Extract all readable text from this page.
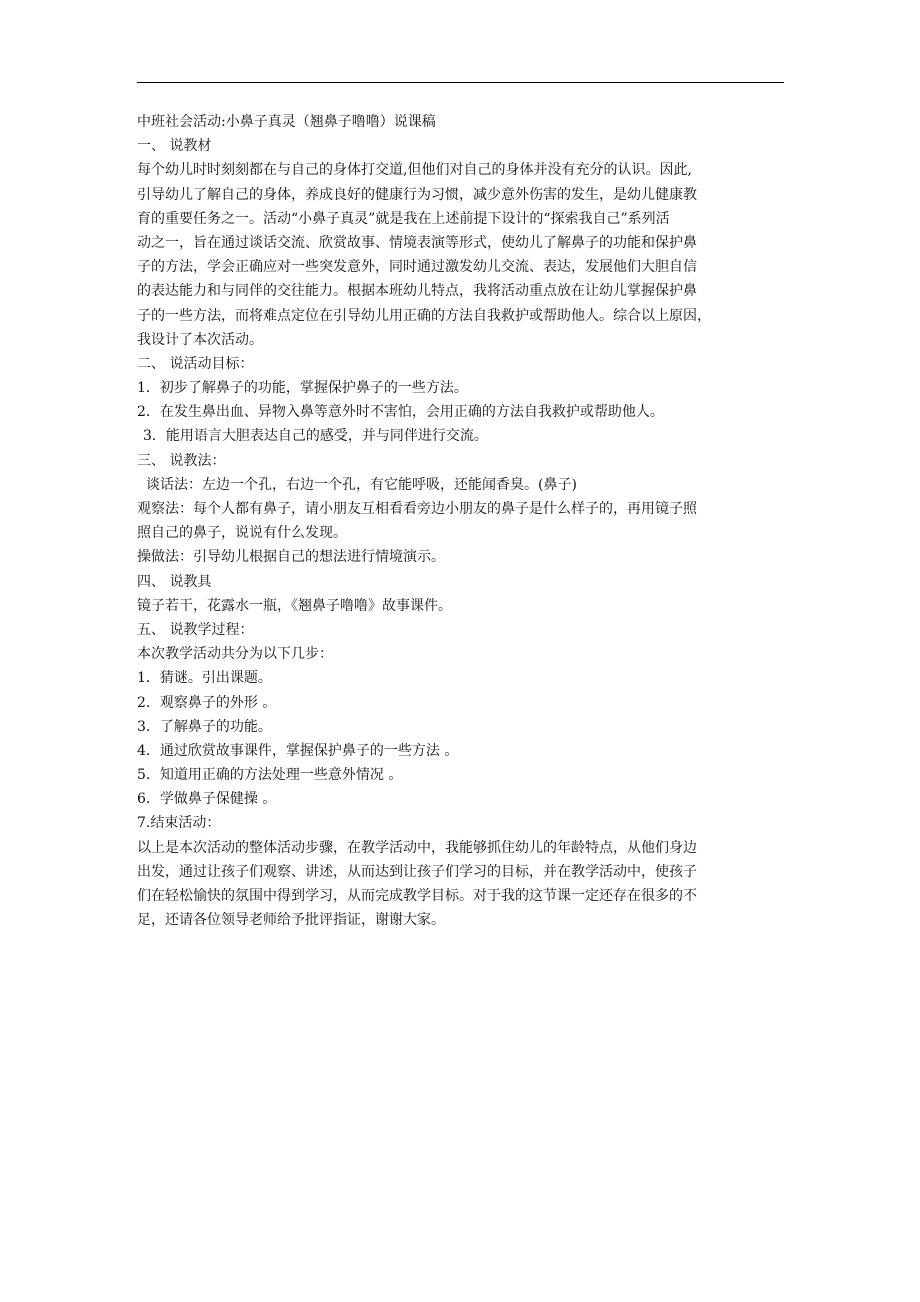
中班社会活动:小鼻子真灵（翘鼻子噜噜）说课稿
一、 说教材
每个幼儿时时刻刻都在与自己的身体打交道,但他们对自己的身体并没有充分的认识。因此,
引导幼儿了解自己的身体，养成良好的健康行为习惯，减少意外伤害的发生，是幼儿健康教
育的重要任务之一。活动“小鼻子真灵”就是我在上述前提下设计的“探索我自己”系列活
动之一，旨在通过谈话交流、欣赏故事、情境表演等形式，使幼儿了解鼻子的功能和保护鼻
子的方法，学会正确应对一些突发意外，同时通过激发幼儿交流、表达，发展他们大胆自信
的表达能力和与同伴的交往能力。根据本班幼儿特点，我将活动重点放在让幼儿掌握保护鼻
子的一些方法，而将难点定位在引导幼儿用正确的方法自我救护或帮助他人。综合以上原因，
我设计了本次活动。
二、 说活动目标：
1．初步了解鼻子的功能，掌握保护鼻子的一些方法。
2．在发生鼻出血、异物入鼻等意外时不害怕，会用正确的方法自我救护或帮助他人。
3．能用语言大胆表达自己的感受，并与同伴进行交流。
三、 说教法：
谈话法：左边一个孔，右边一个孔，有它能呼吸，还能闻香臭。(鼻子)
观察法：每个人都有鼻子，请小朋友互相看看旁边小朋友的鼻子是什么样子的，再用镜子照
照自己的鼻子，说说有什么发现。
操做法：引导幼儿根据自己的想法进行情境演示。
四、 说教具
镜子若干，花露水一瓶，《翘鼻子噜噜》故事课件。
五、 说教学过程：
本次教学活动共分为以下几步：
1．猜谜。引出课题。
2．观察鼻子的外形 。
3．了解鼻子的功能。
4．通过欣赏故事课件，掌握保护鼻子的一些方法 。
5．知道用正确的方法处理一些意外情况 。
6．学做鼻子保健操 。
7.结束活动：
以上是本次活动的整体活动步骤，在教学活动中，我能够抓住幼儿的年龄特点，从他们身边
出发，通过让孩子们观察、讲述，从而达到让孩子们学习的目标，并在教学活动中，使孩子
们在轻松愉快的氛围中得到学习，从而完成教学目标。对于我的这节课一定还存在很多的不
足，还请各位领导老师给予批评指证，谢谢大家。
